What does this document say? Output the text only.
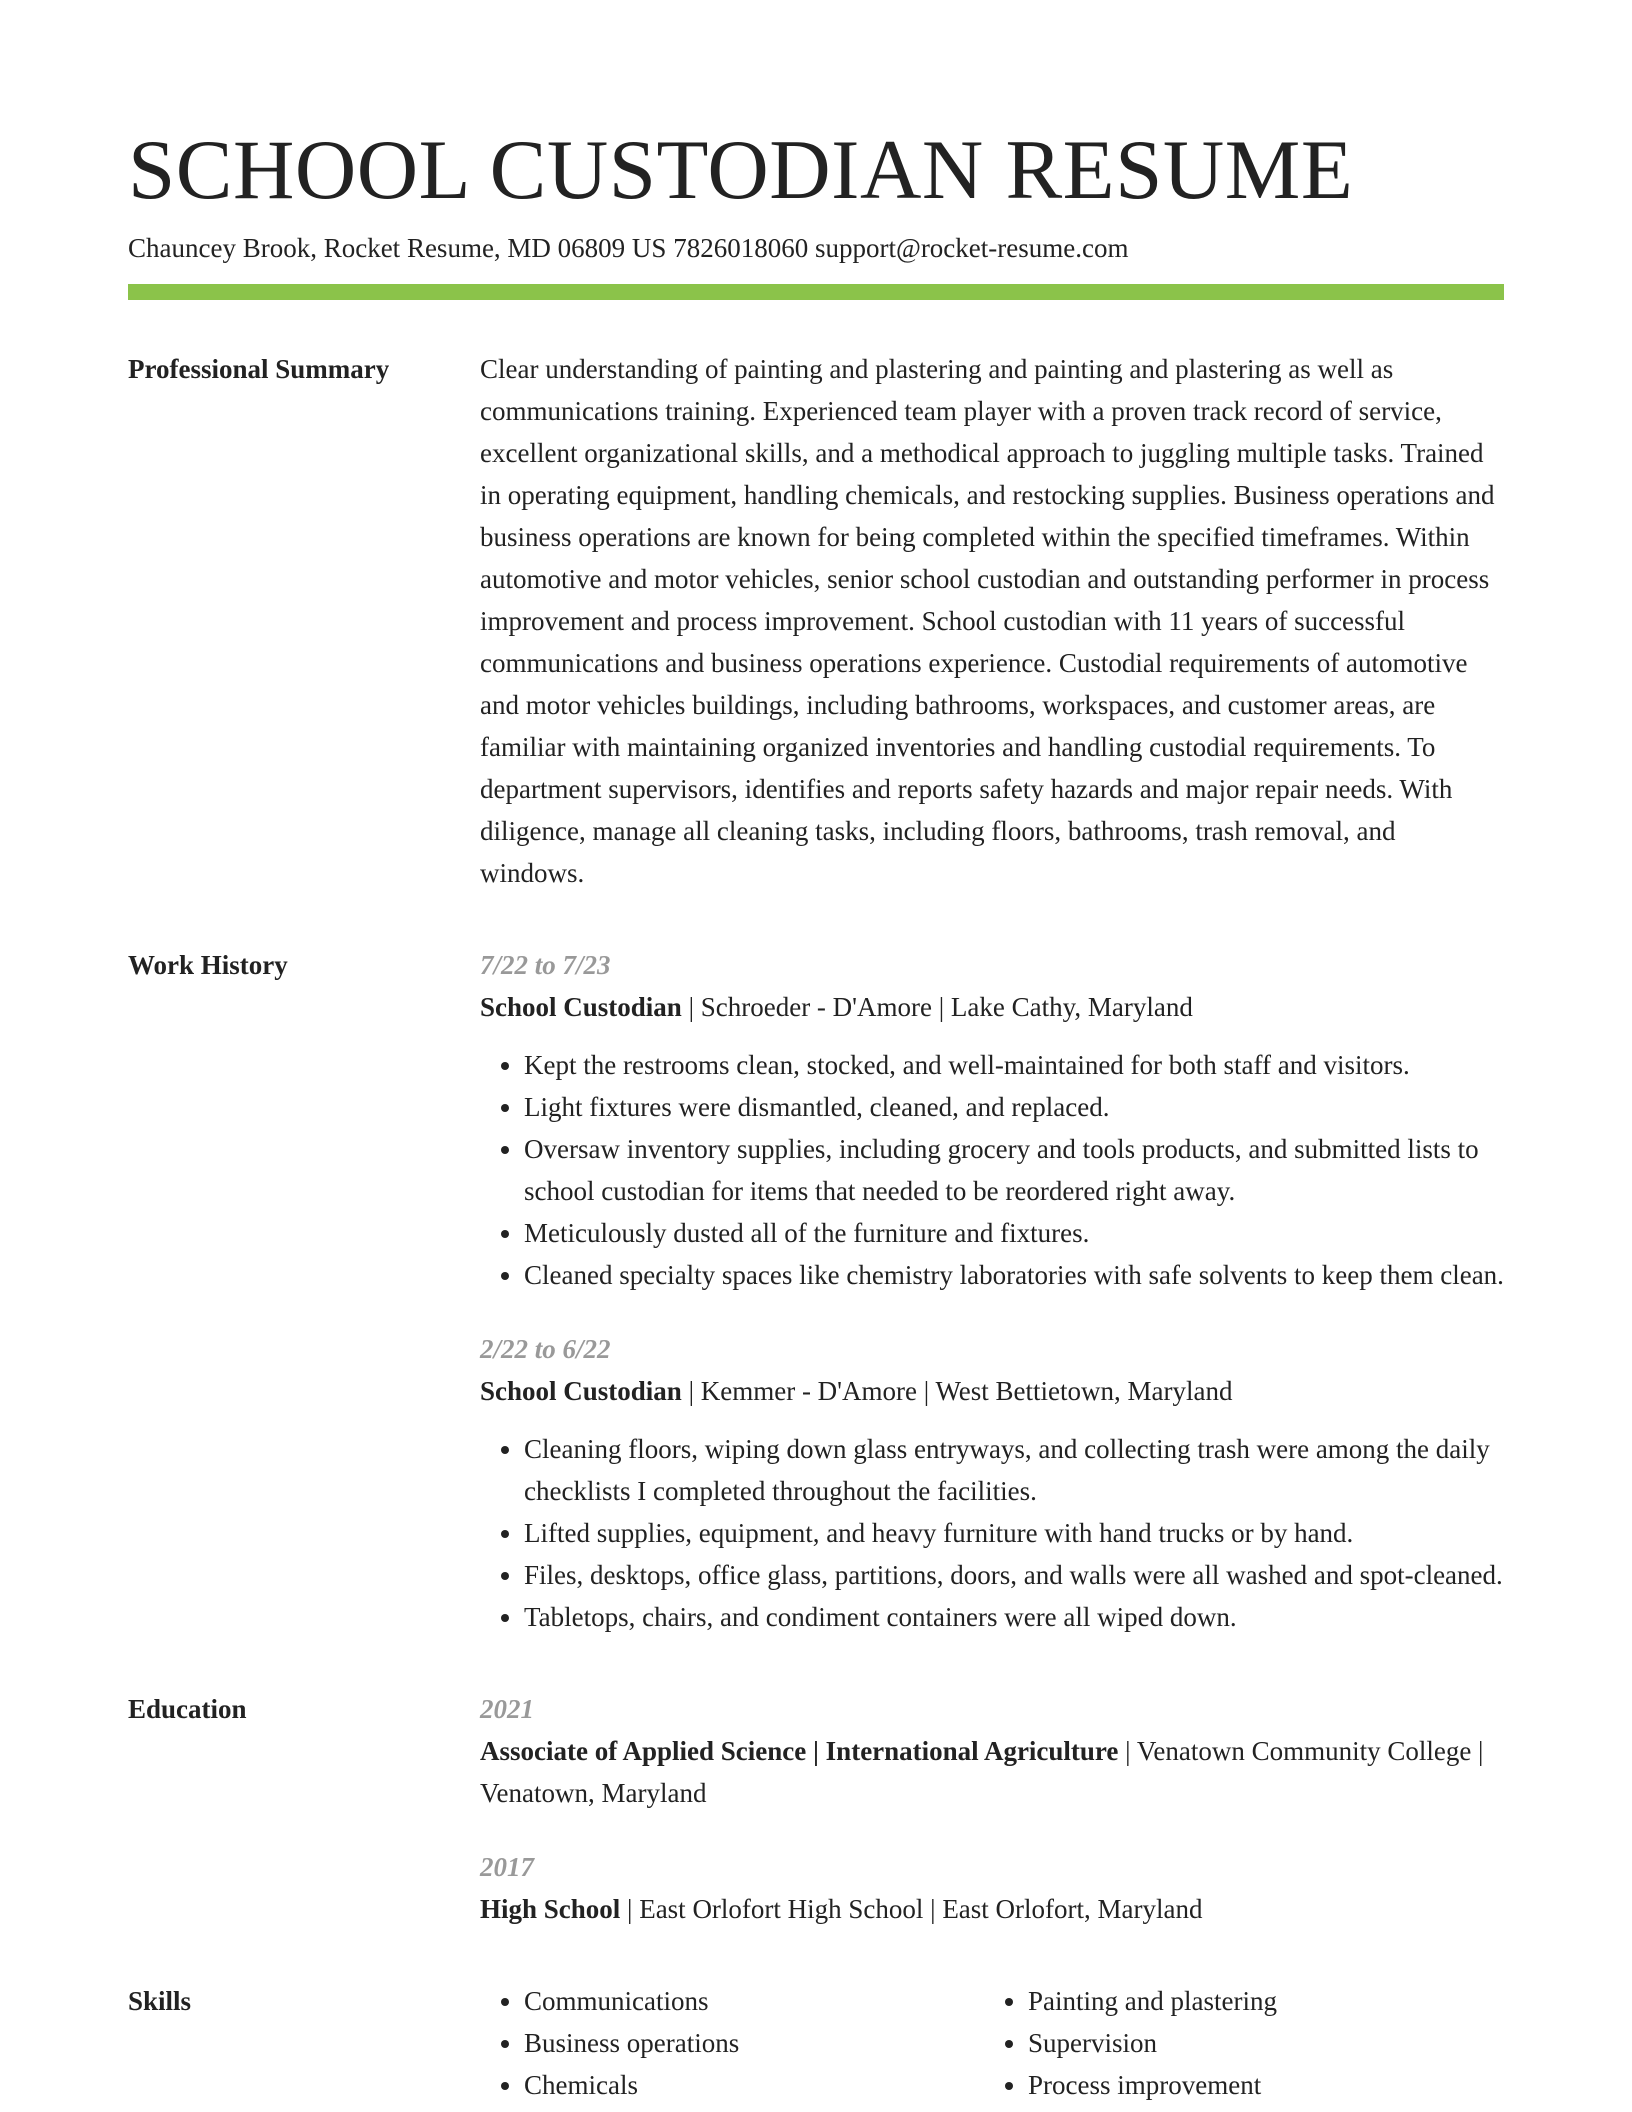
SCHOOL CUSTODIAN RESUME
Chauncey Brook, Rocket Resume, MD 06809 US 7826018060 support@rocket-resume.com
Professional Summary	Clear understanding of painting and plastering and painting and plastering as well as communications training. Experienced team player with a proven track record of service, excellent organizational skills, and a methodical approach to juggling multiple tasks. Trained in operating equipment, handling chemicals, and restocking supplies. Business operations and business operations are known for being completed within the specified timeframes. Within automotive and motor vehicles, senior school custodian and outstanding performer in process improvement and process improvement. School custodian with 11 years of successful communications and business operations experience. Custodial requirements of automotive and motor vehicles buildings, including bathrooms, workspaces, and customer areas, are familiar with maintaining organized inventories and handling custodial requirements. To department supervisors, identifies and reports safety hazards and major repair needs. With diligence, manage all cleaning tasks, including floors, bathrooms, trash removal, and windows.

Work History	7/22 to 7/23
School Custodian | Schroeder - D'Amore | Lake Cathy, Maryland
• Kept the restrooms clean, stocked, and well-maintained for both staff and visitors.
• Light fixtures were dismantled, cleaned, and replaced.
• Oversaw inventory supplies, including grocery and tools products, and submitted lists to school custodian for items that needed to be reordered right away.
• Meticulously dusted all of the furniture and fixtures.
• Cleaned specialty spaces like chemistry laboratories with safe solvents to keep them clean.
2/22 to 6/22
School Custodian | Kemmer - D'Amore | West Bettietown, Maryland
• Cleaning floors, wiping down glass entryways, and collecting trash were among the daily checklists I completed throughout the facilities.
• Lifted supplies, equipment, and heavy furniture with hand trucks or by hand.
• Files, desktops, office glass, partitions, doors, and walls were all washed and spot-cleaned.
• Tabletops, chairs, and condiment containers were all wiped down.
Education	2021
Associate of Applied Science | International Agriculture | Venatown Community College | Venatown, Maryland
2017
High School | East Orlofort High School | East Orlofort, Maryland
Skills
•	Communications
• Business operations
• Chemicals
• Painting and plastering
• Supervision
• Process improvement
